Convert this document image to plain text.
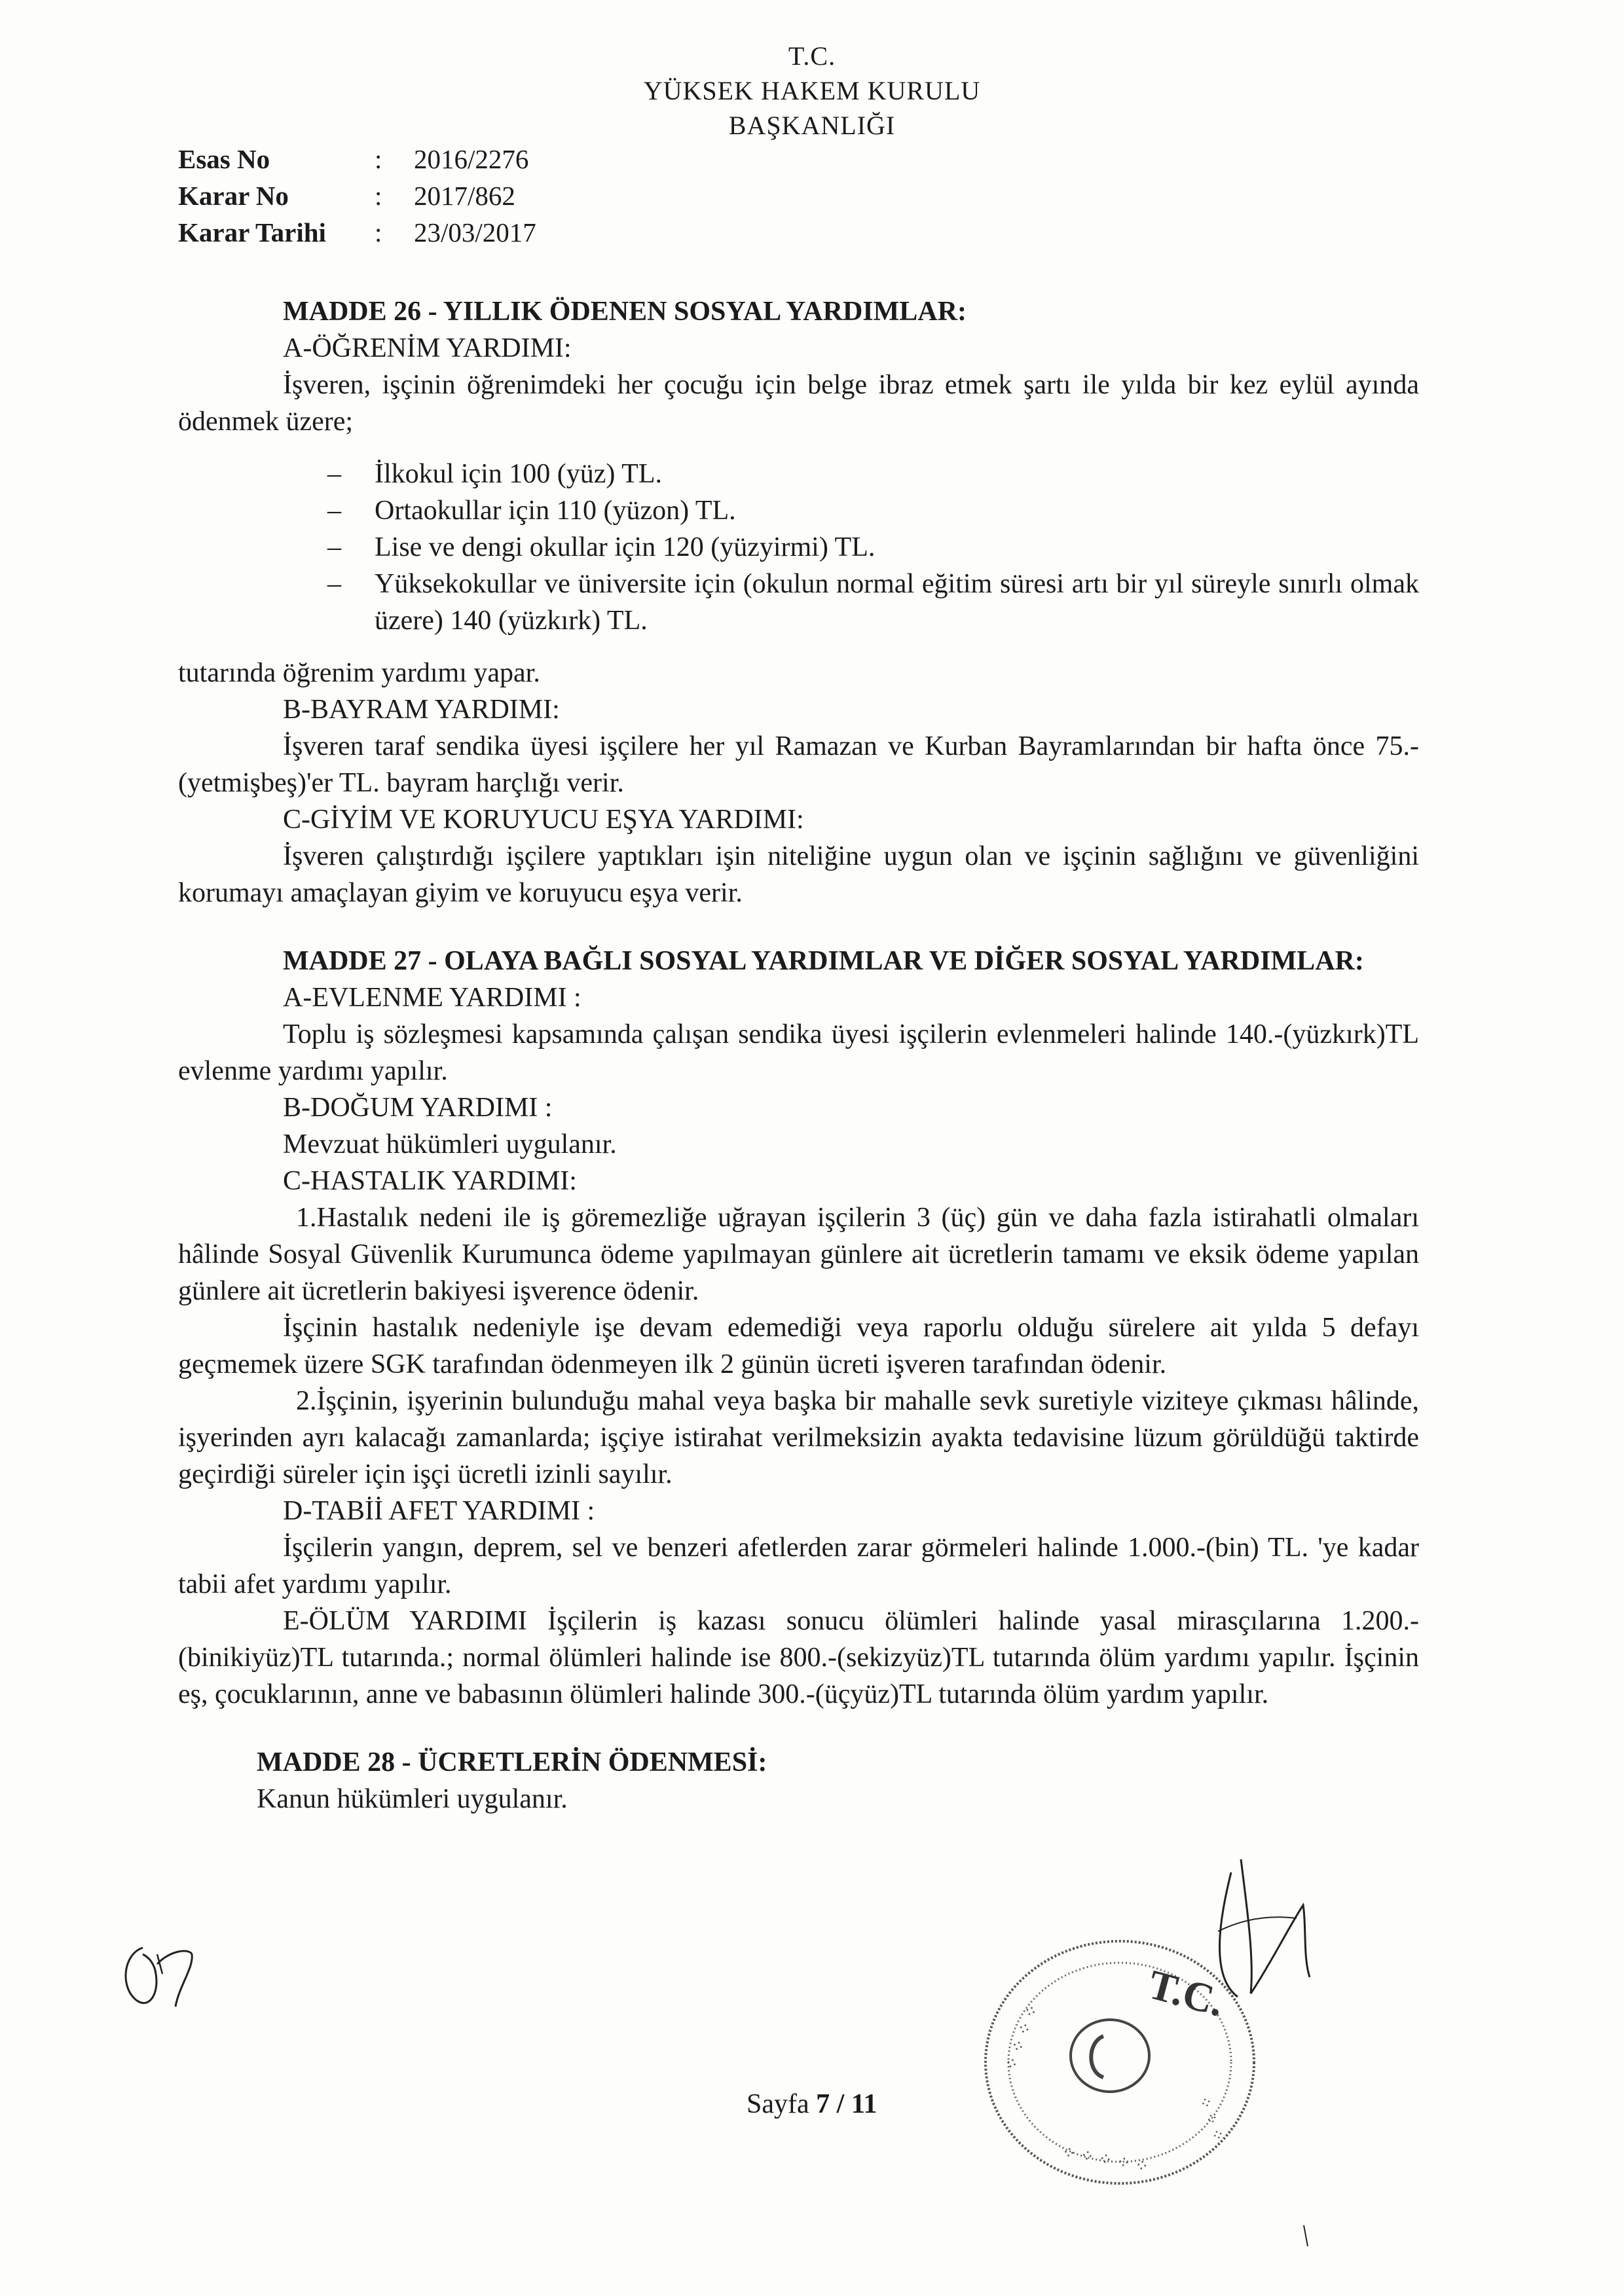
T.C.
YÜKSEK HAKEM KURULU
BAŞKANLIĞI
Esas No	:	2016/2276
Karar No	:	2017/862
Karar Tarihi	:	23/03/2017
MADDE 26 - YILLIK ÖDENEN SOSYAL YARDIMLAR:
A-ÖĞRENİM YARDIMI:
İşveren, işçinin öğrenimdeki her çocuğu için belge ibraz etmek şartı ile yılda bir kez eylül ayında ödenmek üzere;
– İlkokul için 100 (yüz) TL.
– Ortaokullar için 110 (yüzon) TL.
– Lise ve dengi okullar için 120 (yüzyirmi) TL.
– Yüksekokullar ve üniversite için (okulun normal eğitim süresi artı bir yıl süreyle sınırlı olmak üzere) 140 (yüzkırk) TL.
tutarında öğrenim yardımı yapar.
B-BAYRAM YARDIMI:
İşveren taraf sendika üyesi işçilere her yıl Ramazan ve Kurban Bayramlarından bir hafta önce 75.-(yetmişbeş)'er TL. bayram harçlığı verir.
C-GİYİM VE KORUYUCU EŞYA YARDIMI:
İşveren çalıştırdığı işçilere yaptıkları işin niteliğine uygun olan ve işçinin sağlığını ve güvenliğini korumayı amaçlayan giyim ve koruyucu eşya verir.
MADDE 27 - OLAYA BAĞLI SOSYAL YARDIMLAR VE DİĞER SOSYAL YARDIMLAR:
A-EVLENME YARDIMI :
Toplu iş sözleşmesi kapsamında çalışan sendika üyesi işçilerin evlenmeleri halinde 140.-(yüzkırk)TL evlenme yardımı yapılır.
B-DOĞUM YARDIMI :
Mevzuat hükümleri uygulanır.
C-HASTALIK YARDIMI:
1.Hastalık nedeni ile iş göremezliğe uğrayan işçilerin 3 (üç) gün ve daha fazla istirahatli olmaları hâlinde Sosyal Güvenlik Kurumunca ödeme yapılmayan günlere ait ücretlerin tamamı ve eksik ödeme yapılan günlere ait ücretlerin bakiyesi işverence ödenir.
İşçinin hastalık nedeniyle işe devam edemediği veya raporlu olduğu sürelere ait yılda 5 defayı geçmemek üzere SGK tarafından ödenmeyen ilk 2 günün ücreti işveren tarafından ödenir.
2.İşçinin, işyerinin bulunduğu mahal veya başka bir mahalle sevk suretiyle viziteye çıkması hâlinde, işyerinden ayrı kalacağı zamanlarda; işçiye istirahat verilmeksizin ayakta tedavisine lüzum görüldüğü taktirde geçirdiği süreler için işçi ücretli izinli sayılır.
D-TABİİ AFET YARDIMI :
İşçilerin yangın, deprem, sel ve benzeri afetlerden zarar görmeleri halinde 1.000.-(bin) TL. 'ye kadar tabii afet yardımı yapılır.
E-ÖLÜM YARDIMI İşçilerin iş kazası sonucu ölümleri halinde yasal mirasçılarına 1.200.-(binikiyüz)TL tutarında.; normal ölümleri halinde ise 800.-(sekizyüz)TL tutarında ölüm yardımı yapılır. İşçinin eş, çocuklarının, anne ve babasının ölümleri halinde 300.-(üçyüz)TL tutarında ölüm yardım yapılır.
MADDE 28 - ÜCRETLERİN ÖDENMESİ:
Kanun hükümleri uygulanır.
T.C.
⁘ ⁘ ⁘ ⁘
⁘ ⁘ ⁘ ⁘ ⁘
⁘ ⁘ ⁘
Sayfa 7 / 11
